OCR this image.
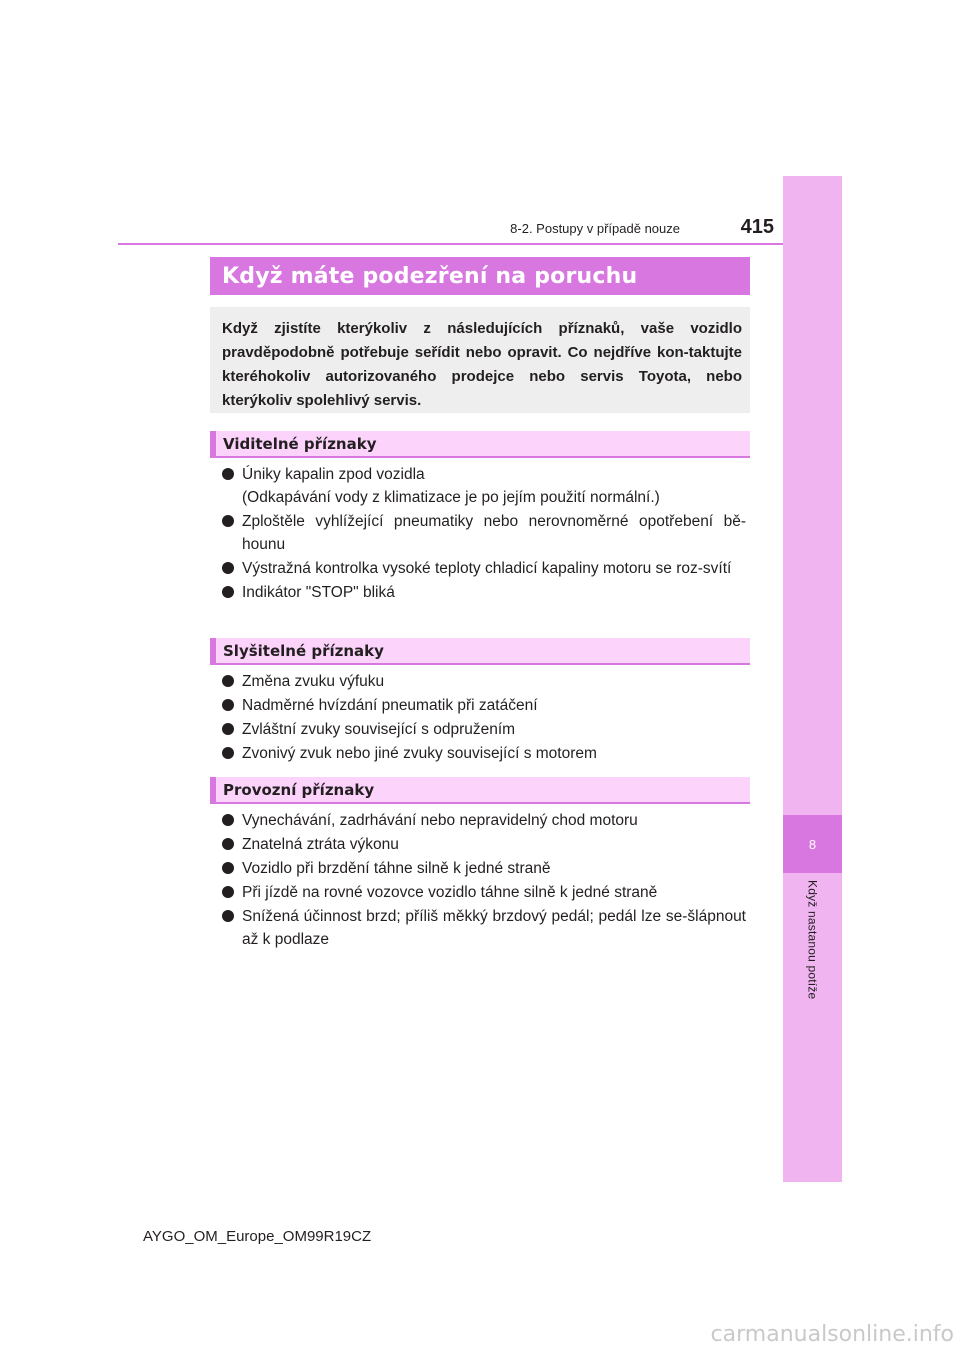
8
Když nastanou potíže
8-2. Postupy v případě nouze	415
Když máte podezření na poruchu
Když zjistíte kterýkoliv z následujících příznaků, vaše vozidlo pravděpodobně potřebuje seřídit nebo opravit. Co nejdříve kon-taktujte kteréhokoliv autorizovaného prodejce nebo servis Toyota, nebo kterýkoliv spolehlivý servis.
Viditelné příznaky
Úniky kapalin zpod vozidla
(Odkapávání vody z klimatizace je po jejím použití normální.)
Zploštěle vyhlížející pneumatiky nebo nerovnoměrné opotřebení bě-hounu
Výstražná kontrolka vysoké teploty chladicí kapaliny motoru se roz-svítí
Indikátor "STOP" bliká
Slyšitelné příznaky
Změna zvuku výfuku
Nadměrné hvízdání pneumatik při zatáčení
Zvláštní zvuky související s odpružením
Zvonivý zvuk nebo jiné zvuky související s motorem
Provozní příznaky
Vynechávání, zadrhávání nebo nepravidelný chod motoru
Znatelná ztráta výkonu
Vozidlo při brzdění táhne silně k jedné straně
Při jízdě na rovné vozovce vozidlo táhne silně k jedné straně
Snížená účinnost brzd; příliš měkký brzdový pedál; pedál lze se-šlápnout až k podlaze
AYGO_OM_Europe_OM99R19CZ
carmanualsonline.info
